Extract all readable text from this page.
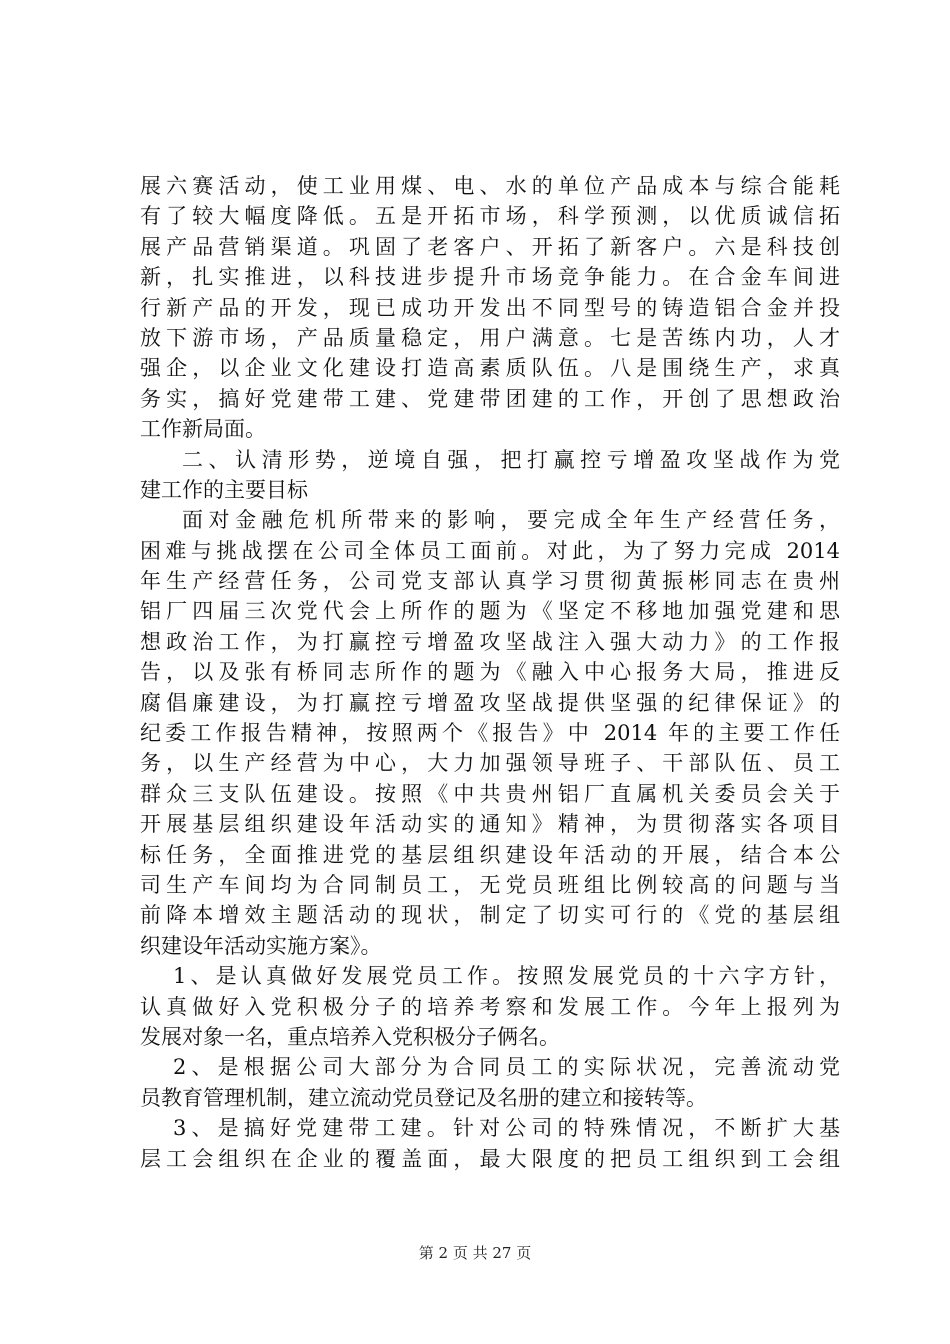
展六赛活动，使工业用煤、电、水的单位产品成本与综合能耗
有了较大幅度降低。五是开拓市场，科学预测，以优质诚信拓
展产品营销渠道。巩固了老客户、开拓了新客户。六是科技创
新，扎实推进，以科技进步提升市场竞争能力。在合金车间进
行新产品的开发，现已成功开发出不同型号的铸造铝合金并投
放下游市场，产品质量稳定，用户满意。七是苦练内功，人才
强企，以企业文化建设打造高素质队伍。八是围绕生产，求真
务实，搞好党建带工建、党建带团建的工作，开创了思想政治
工作新局面。
二、认清形势，逆境自强，把打赢控亏增盈攻坚战作为党
建工作的主要目标
面对金融危机所带来的影响，要完成全年生产经营任务，
困难与挑战摆在公司全体员工面前。对此，为了努力完成 2014
年生产经营任务，公司党支部认真学习贯彻黄振彬同志在贵州
铝厂四届三次党代会上所作的题为《坚定不移地加强党建和思
想政治工作，为打赢控亏增盈攻坚战注入强大动力》的工作报
告，以及张有桥同志所作的题为《融入中心报务大局，推进反
腐倡廉建设，为打赢控亏增盈攻坚战提供坚强的纪律保证》的
纪委工作报告精神，按照两个《报告》中 2014 年的主要工作任
务，以生产经营为中心，大力加强领导班子、干部队伍、员工
群众三支队伍建设。按照《中共贵州铝厂直属机关委员会关于
开展基层组织建设年活动实的通知》精神，为贯彻落实各项目
标任务，全面推进党的基层组织建设年活动的开展，结合本公
司生产车间均为合同制员工，无党员班组比例较高的问题与当
前降本增效主题活动的现状，制定了切实可行的《党的基层组
织建设年活动实施方案》。
1、是认真做好发展党员工作。按照发展党员的十六字方针，
认真做好入党积极分子的培养考察和发展工作。今年上报列为
发展对象一名，重点培养入党积极分子俩名。
2、是根据公司大部分为合同员工的实际状况，完善流动党
员教育管理机制，建立流动党员登记及名册的建立和接转等。
3、是搞好党建带工建。针对公司的特殊情况，不断扩大基
层工会组织在企业的覆盖面，最大限度的把员工组织到工会组
第 2 页 共 27 页
